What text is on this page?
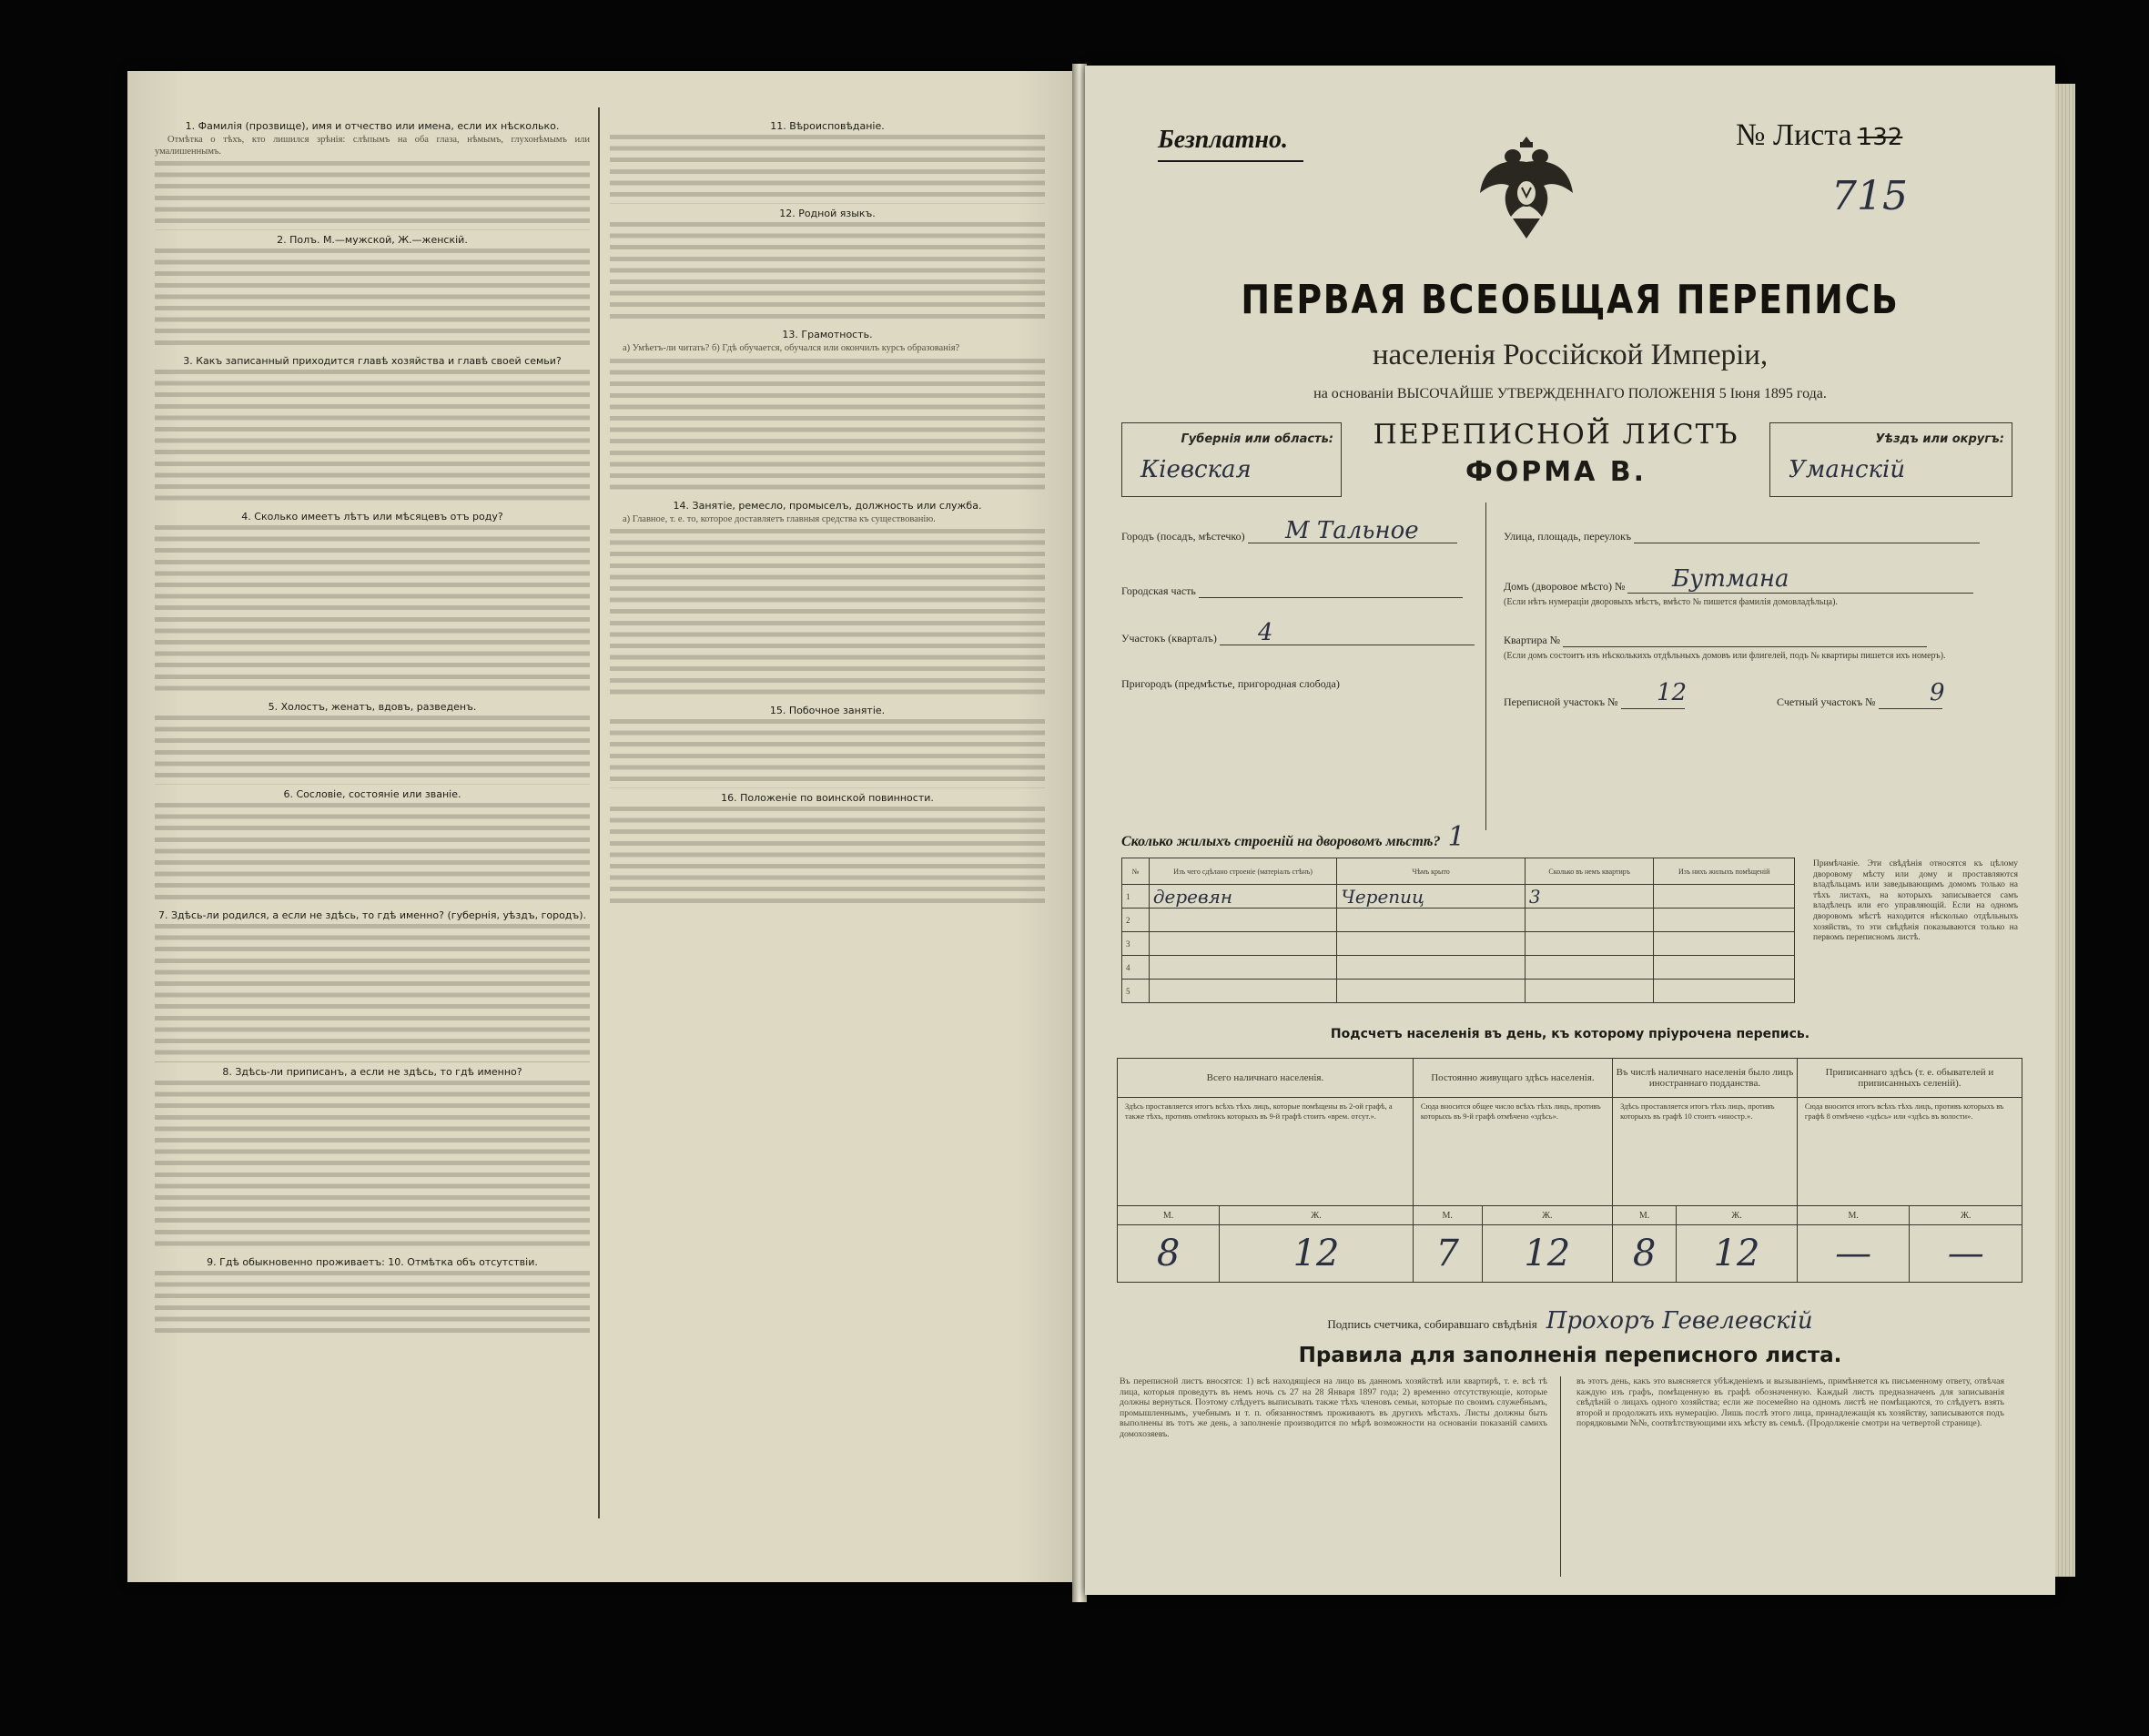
1. Фамилія (прозвище), имя и отчество или имена, если их нѣсколько.

Отмѣтка о тѣхъ, кто лишился зрѣнія: слѣпымъ на оба глаза, нѣмымъ, глухонѣмымъ или умалишеннымъ.

2. Полъ. М.—мужской, Ж.—женскій.
3. Какъ записанный приходится главѣ хозяйства и главѣ своей семьи?
4. Сколько имеетъ лѣтъ или мѣсяцевъ отъ роду?
5. Холостъ, женатъ, вдовъ, разведенъ.
6. Сословіе, состояніе или званіе.
7. Здѣсь-ли родился, а если не здѣсь, то гдѣ именно? (губернія, уѣздъ, городъ).
8. Здѣсь-ли приписанъ, а если не здѣсь, то гдѣ именно?
9. Гдѣ обыкновенно проживаетъ: 10. Отмѣтка объ отсутствіи.
11. Вѣроисповѣданіе.
12. Родной языкъ.
13. Грамотность.

а) Умѣетъ-ли читать? б) Гдѣ обучается, обучался или окончилъ курсъ образованія?

14. Занятіе, ремесло, промыселъ, должность или служба.

а) Главное, т. е. то, которое доставляетъ главныя средства къ существованію.

15. Побочное занятіе.
16. Положеніе по воинской повинности.
Безплатно.	№ Листа 132
715
ПЕРВАЯ ВСЕОБЩАЯ ПЕРЕПИСЬ
населенія Россійской Имперіи,
на основаніи ВЫСОЧАЙШЕ УТВЕРЖДЕННАГО ПОЛОЖЕНІЯ 5 Іюня 1895 года.
Губернія или область:
Кіевская
ПЕРЕПИСНОЙ ЛИСТЪ
ФОРМА В.
Уѣздъ или округъ:
Уманскій
Городъ (посадъ, мѣстечко) М Тальное
Городская часть
Участокъ (кварталъ) 4
Пригородъ (предмѣстье, пригородная слобода)
Улица, площадь, переулокъ
Домъ (дворовое мѣсто) № Бутмана
(Если нѣтъ нумераціи дворовыхъ мѣстъ, вмѣсто № пишется фамилія домовладѣльца).
Квартира №
(Если домъ состоитъ изъ нѣсколькихъ отдѣльныхъ домовъ или флигелей, подъ № квартиры пишется ихъ номеръ).
Переписной участокъ № 12	Счетный участокъ № 9
Сколько жилыхъ строеній на дворовомъ мѣстѣ? 1
№	Изъ чего сдѣлано строеніе (матеріалъ стѣнъ)	Чѣмъ крыто	Сколько въ немъ квартиръ	Изъ нихъ жилыхъ помѣщеній
1	деревян	Черепиц	3	
2				
3				
4				
5				
Примѣчаніе. Эти свѣдѣнія относятся къ цѣлому дворовому мѣсту или дому и проставляются владѣльцамъ или заведывающимъ домомъ только на тѣхъ листахъ, на которыхъ записывается самъ владѣлецъ или его управляющій. Если на одномъ дворовомъ мѣстѣ находится нѣсколько отдѣльныхъ хозяйствъ, то эти свѣдѣнія показываются только на первомъ переписномъ листѣ.
Подсчетъ населенія въ день, къ которому пріурочена перепись.
Всего наличнаго населенія.		Постоянно живущаго здѣсь населенія.		Въ числѣ наличнаго населенія было лицъ иностраннаго подданства.		Приписаннаго здѣсь (т. е. обывателей и приписанныхъ селеній).	
Здѣсь проставляется итогъ всѣхъ тѣхъ лицъ, которые помѣщены въ 2-ой графѣ, а также тѣхъ, противъ отмѣтокъ которыхъ въ 9-й графѣ стоитъ «врем. отсут.».		Сюда вносится общее число всѣхъ тѣхъ лицъ, противъ которыхъ въ 9-й графѣ отмѣчено «здѣсь».		Здѣсь проставляется итогъ тѣхъ лицъ, противъ которыхъ въ графѣ 10 стоитъ «иностр.».		Сюда вносится итогъ всѣхъ тѣхъ лицъ, противъ которыхъ въ графѣ 8 отмѣчено «здѣсь» или «здѣсь въ волости».	
М.	Ж.	М.	Ж.	М.	Ж.	М.	Ж.
8	12	7	12	8	12	—	—
Подпись счетчика, собиравшаго свѣдѣнія Прохоръ Гевелевскій
Правила для заполненія переписного листа.
Въ переписной листъ вносятся: 1) всѣ находящіеся на лицо въ данномъ хозяйствѣ или квартирѣ, т. е. всѣ тѣ лица, которыя проведутъ въ немъ ночь съ 27 на 28 Января 1897 года; 2) временно отсутствующіе, которые должны вернуться. Поэтому слѣдуетъ выписывать также тѣхъ членовъ семьи, которые по своимъ служебнымъ, промышленнымъ, учебнымъ и т. п. обязанностямъ проживаютъ въ другихъ мѣстахъ. Листы должны быть выполнены въ тотъ же день, а заполненіе производится по мѣрѣ возможности на основаніи показаній самихъ домохозяевъ.
въ этотъ день, какъ это выясняется убѣжденіемъ и вызываніемъ, примѣняется къ письменному ответу, отвѣчая каждую изъ графъ, помѣщенную въ графѣ обозначенную. Каждый листъ предназначенъ для записыванія свѣдѣній о лицахъ одного хозяйства; если же посемейно на одномъ листѣ не помѣщаются, то слѣдуетъ взять второй и продолжать ихъ нумерацію. Лишь послѣ этого лица, принадлежащія къ хозяйству, записываются подъ порядковыми №№, соотвѣтствующими ихъ мѣсту въ семьѣ. (Продолженіе смотри на четвертой странице).
